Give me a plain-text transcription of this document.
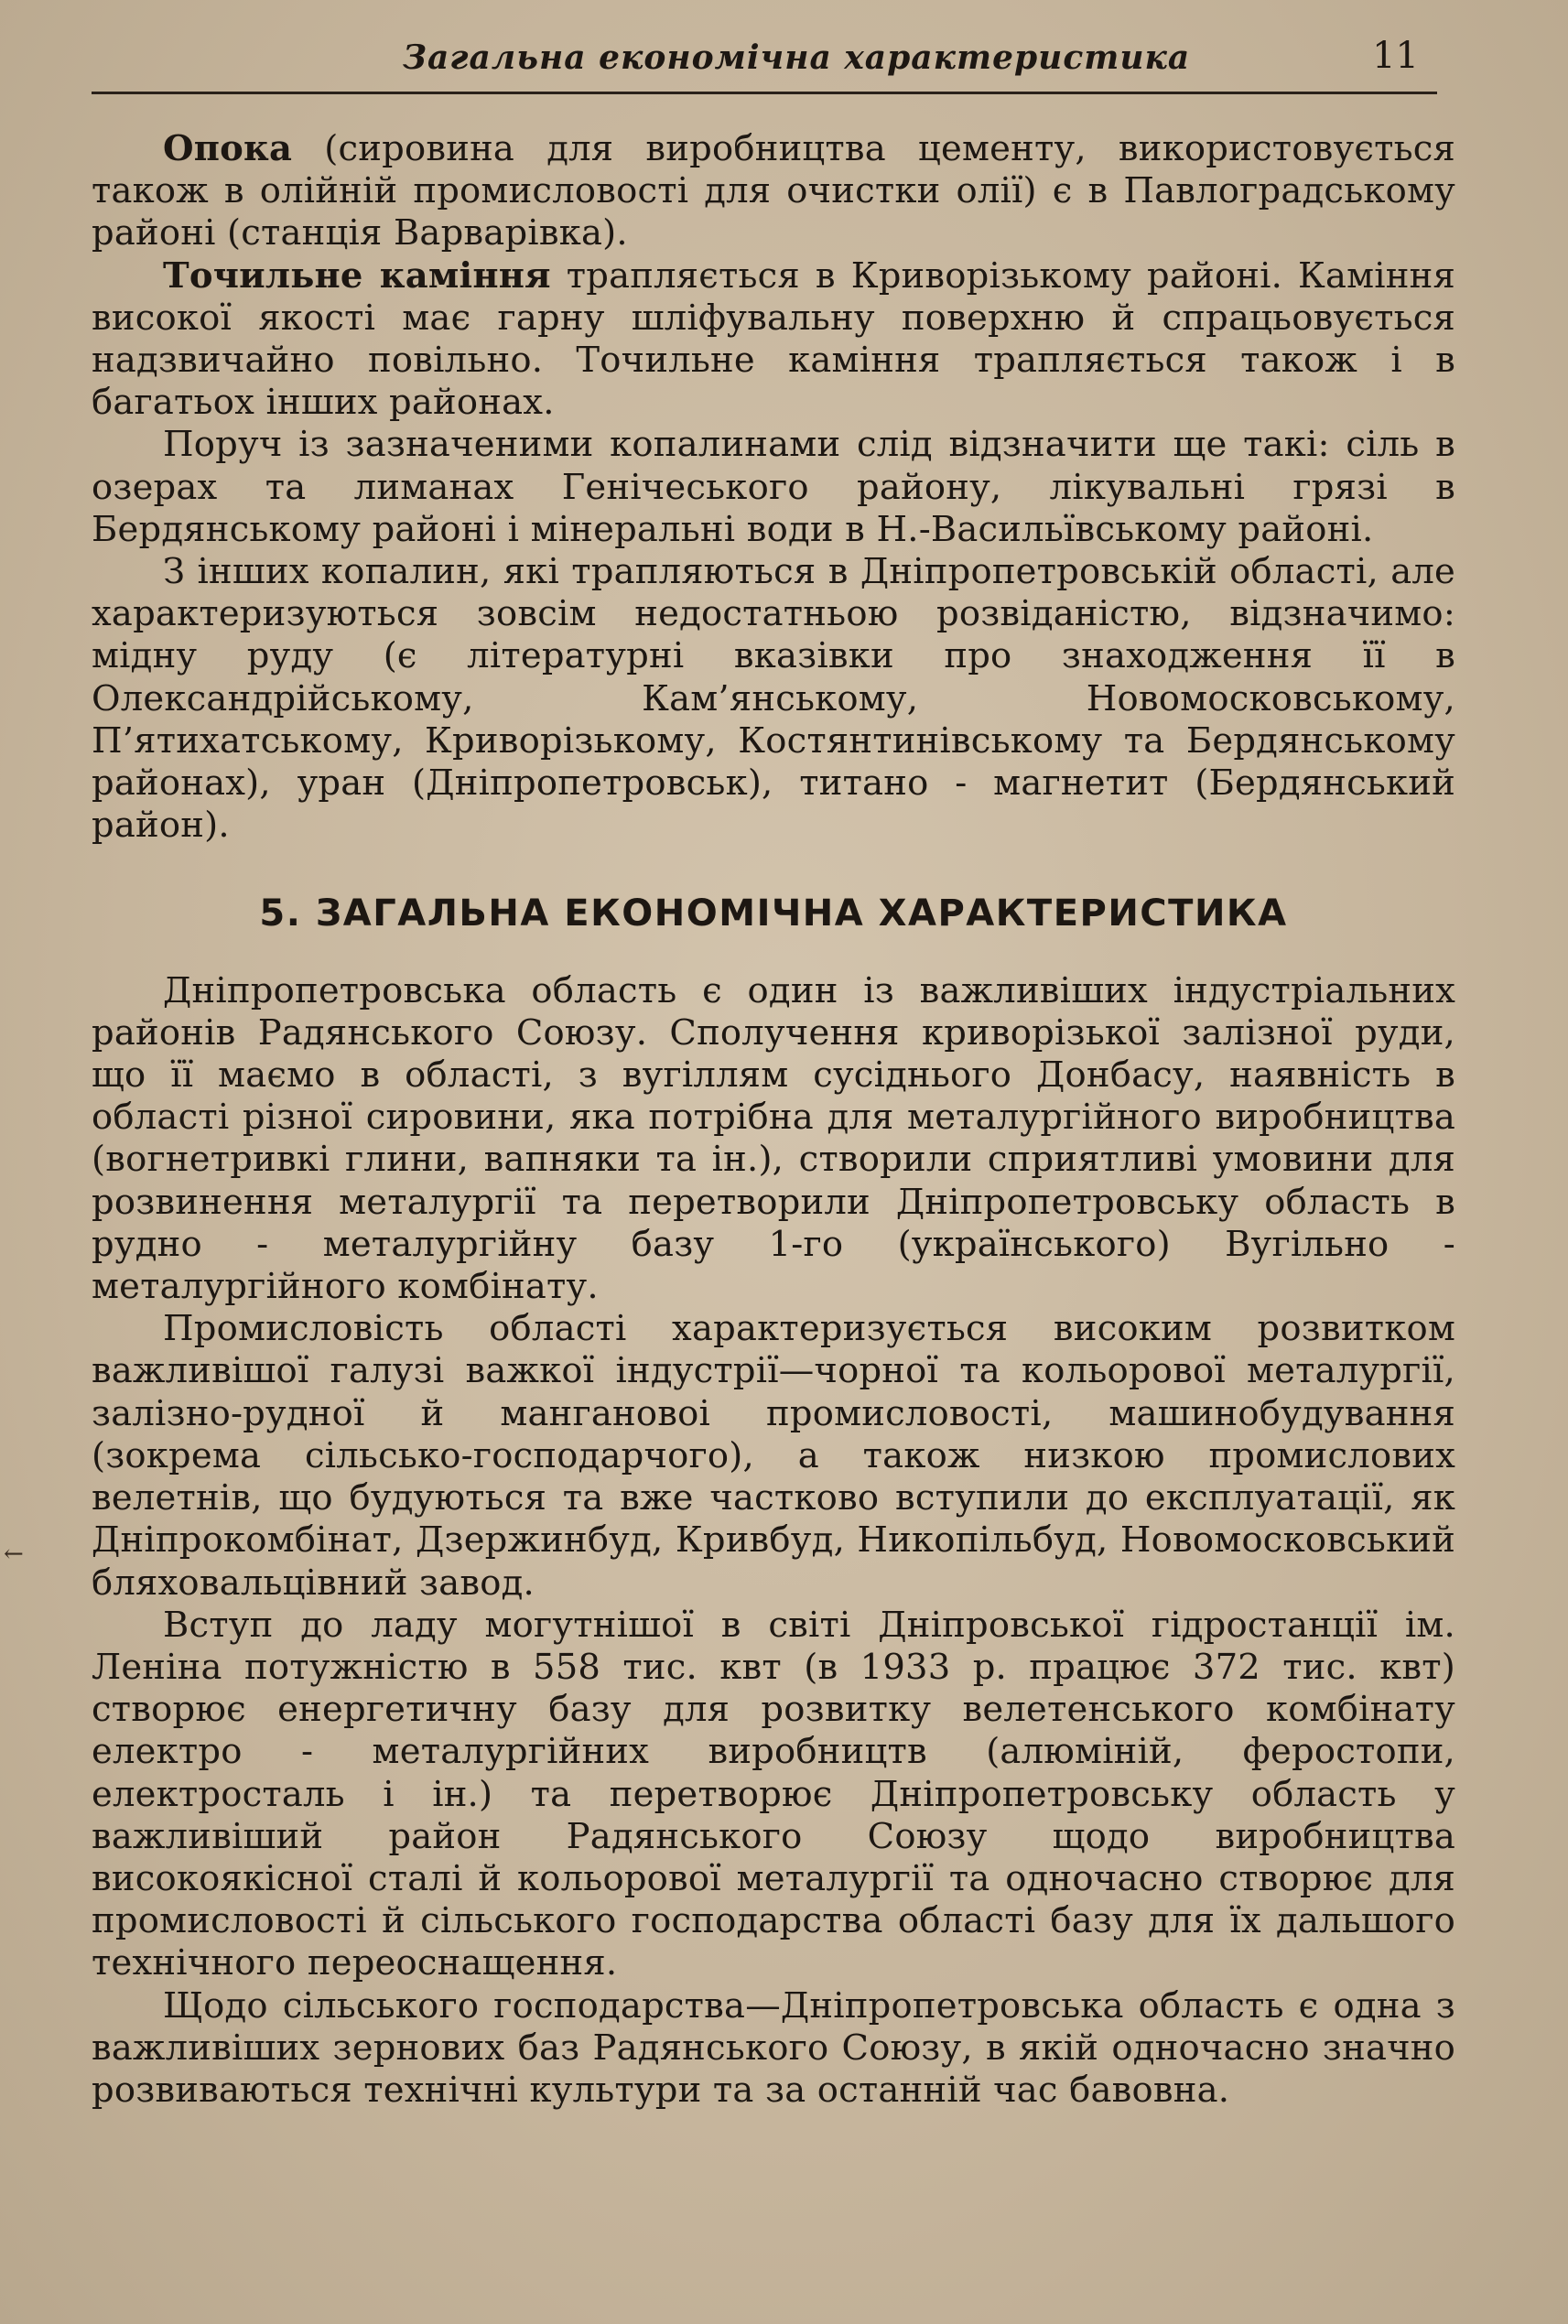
Загальна економічна характеристика	11

Опока (сировина для виробництва цементу, використовується також в олійній промисловості для очистки олії) є в Павлоградському районі (станція Варварівка).

Точильне каміння трапляється в Криворізькому районі. Каміння високої якості має гарну шліфувальну поверхню й спрацьовується надзвичайно повільно. Точильне каміння трапляється також і в багатьох інших районах.

Поруч із зазначеними копалинами слід відзначити ще такі: сіль в озерах та лиманах Генічеського району, лікувальні грязі в Бердянському районі і мінеральні води в Н.-Васильївському районі.

З інших копалин, які трапляються в Дніпропетровській області, але характеризуються зовсім недостатньою розвіданістю, відзначимо: мідну руду (є літературні вказівки про знаходження її в Олександрійському, Кам’янському, Новомосковському, П’ятихатському, Криворізькому, Костянтинівському та Бердянському районах), уран (Дніпропетровськ), титано - магнетит (Бердянський район).

5. ЗАГАЛЬНА ЕКОНОМІЧНА ХАРАКТЕРИСТИКА

Дніпропетровська область є один із важливіших індустріальних районів Радянського Союзу. Сполучення криворізької залізної руди, що її маємо в області, з вугіллям сусіднього Донбасу, наявність в області різної сировини, яка потрібна для металургійного виробництва (вогнетривкі глини, вапняки та ін.), створили сприятливі умовини для розвинення металургії та перетворили Дніпропетровську область в рудно - металургійну базу 1-го (українського) Вугільно - металургійного комбінату.

Промисловість області характеризується високим розвитком важливішої галузі важкої індустрії—чорної та кольорової металургії, залізно-рудної й мангановоі промисловості, машинобудування (зокрема сільсько-господарчого), а також низкою промислових велетнів, що будуються та вже частково вступили до експлуатації, як Дніпрокомбінат, Дзержинбуд, Кривбуд, Никопільбуд, Новомосковський бляховальцівний завод.

Вступ до ладу могутнішої в світі Дніпровської гідростанції ім. Леніна потужністю в 558 тис. квт (в 1933 р. працює 372 тис. квт) створює енергетичну базу для розвитку велетенського комбінату електро - металургійних виробництв (алюміній, феростопи, електросталь і ін.) та перетворює Дніпропетровську область у важливіший район Радянського Союзу щодо виробництва високоякісної сталі й кольорової металургії та одночасно створює для промисловості й сільського господарства області базу для їх дальшого технічного переоснащення.

Щодо сільського господарства—Дніпропетровська область є одна з важливіших зернових баз Радянського Союзу, в якій одночасно значно розвиваються технічні культури та за останній час бавовна.

←
